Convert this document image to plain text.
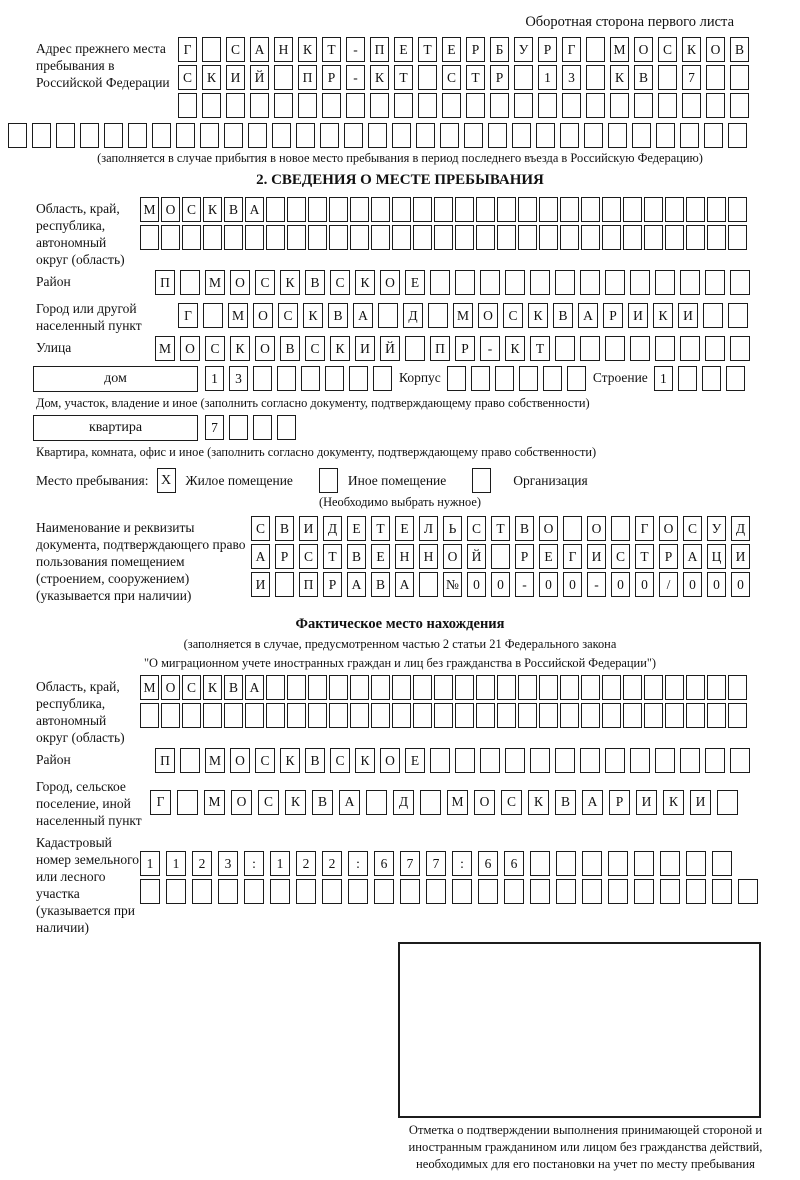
Оборотная сторона первого листа
Адрес прежнего места пребывания в Российской Федерации
Г	С	А	Н	К	Т	-	П	Е	Т	Е	Р	Б	У	Р	Г	М О	С	К	О	В
С	К	И	Й	П	Р	-	К	Т	С	Т	Р	1	3	К	В	7
(заполняется в случае прибытия в новое место пребывания в период последнего въезда в Российскую Федерацию)
2. СВЕДЕНИЯ О МЕСТЕ ПРЕБЫВАНИЯ
Область, край, республика, автономный округ (область)
М О С К В А
Район	П	М	О	С	К	В	С	К	О	Е
Город или другой населенный пункт
Г	М	О	С	К	В	А	Д	М	О	С	К	В	А	Р	И	К	И
Улица	М	О	С	К	О	В	С	К	И	Й	П	Р	-	К	Т
дом	1	3	Корпус	Строение 1
Дом, участок, владение и иное (заполнить согласно документу, подтверждающему право собственности)
квартира	7
Квартира, комната, офис и иное (заполнить согласно документу, подтверждающему право собственности)
Место пребывания: X	Жилое помещение	Иное помещение	Организация
(Необходимо выбрать нужное)
Наименование и реквизиты документа, подтверждающего право пользования помещением (строением, сооружением) (указывается при наличии)
С	В	И	Д	Е	Т	Е	Л	Ь	С	Т	В	О	О	Г	О	С	У	Д
А	Р	С	Т	В	Е	Н	Н	О	Й	Р	Е	Г	И	С	Т	Р	А	Ц	И
И	П	Р	А	В	А	№	0	0	-	0	0	-	0	0	/	0	0	0
Фактическое место нахождения
(заполняется в случае, предусмотренном частью 2 статьи 21 Федерального закона
"О миграционном учете иностранных граждан и лиц без гражданства в Российской Федерации")
Область, край, республика, автономный округ (область)
М О С К В А
Район	П	М	О	С	К	В	С	К	О	Е
Город, сельское поселение, иной населенный пункт
Г	М	О	С	К	В	А	Д	М	О	С	К	В	А	Р	И	К	И
Кадастровый номер земельного или лесного участка (указывается при наличии)
1	1	2	3	:	1	2	2	:	6	7	7	:	6	6
Отметка о подтверждении выполнения принимающей стороной и иностранным гражданином или лицом без гражданства действий, необходимых для его постановки на учет по месту пребывания
